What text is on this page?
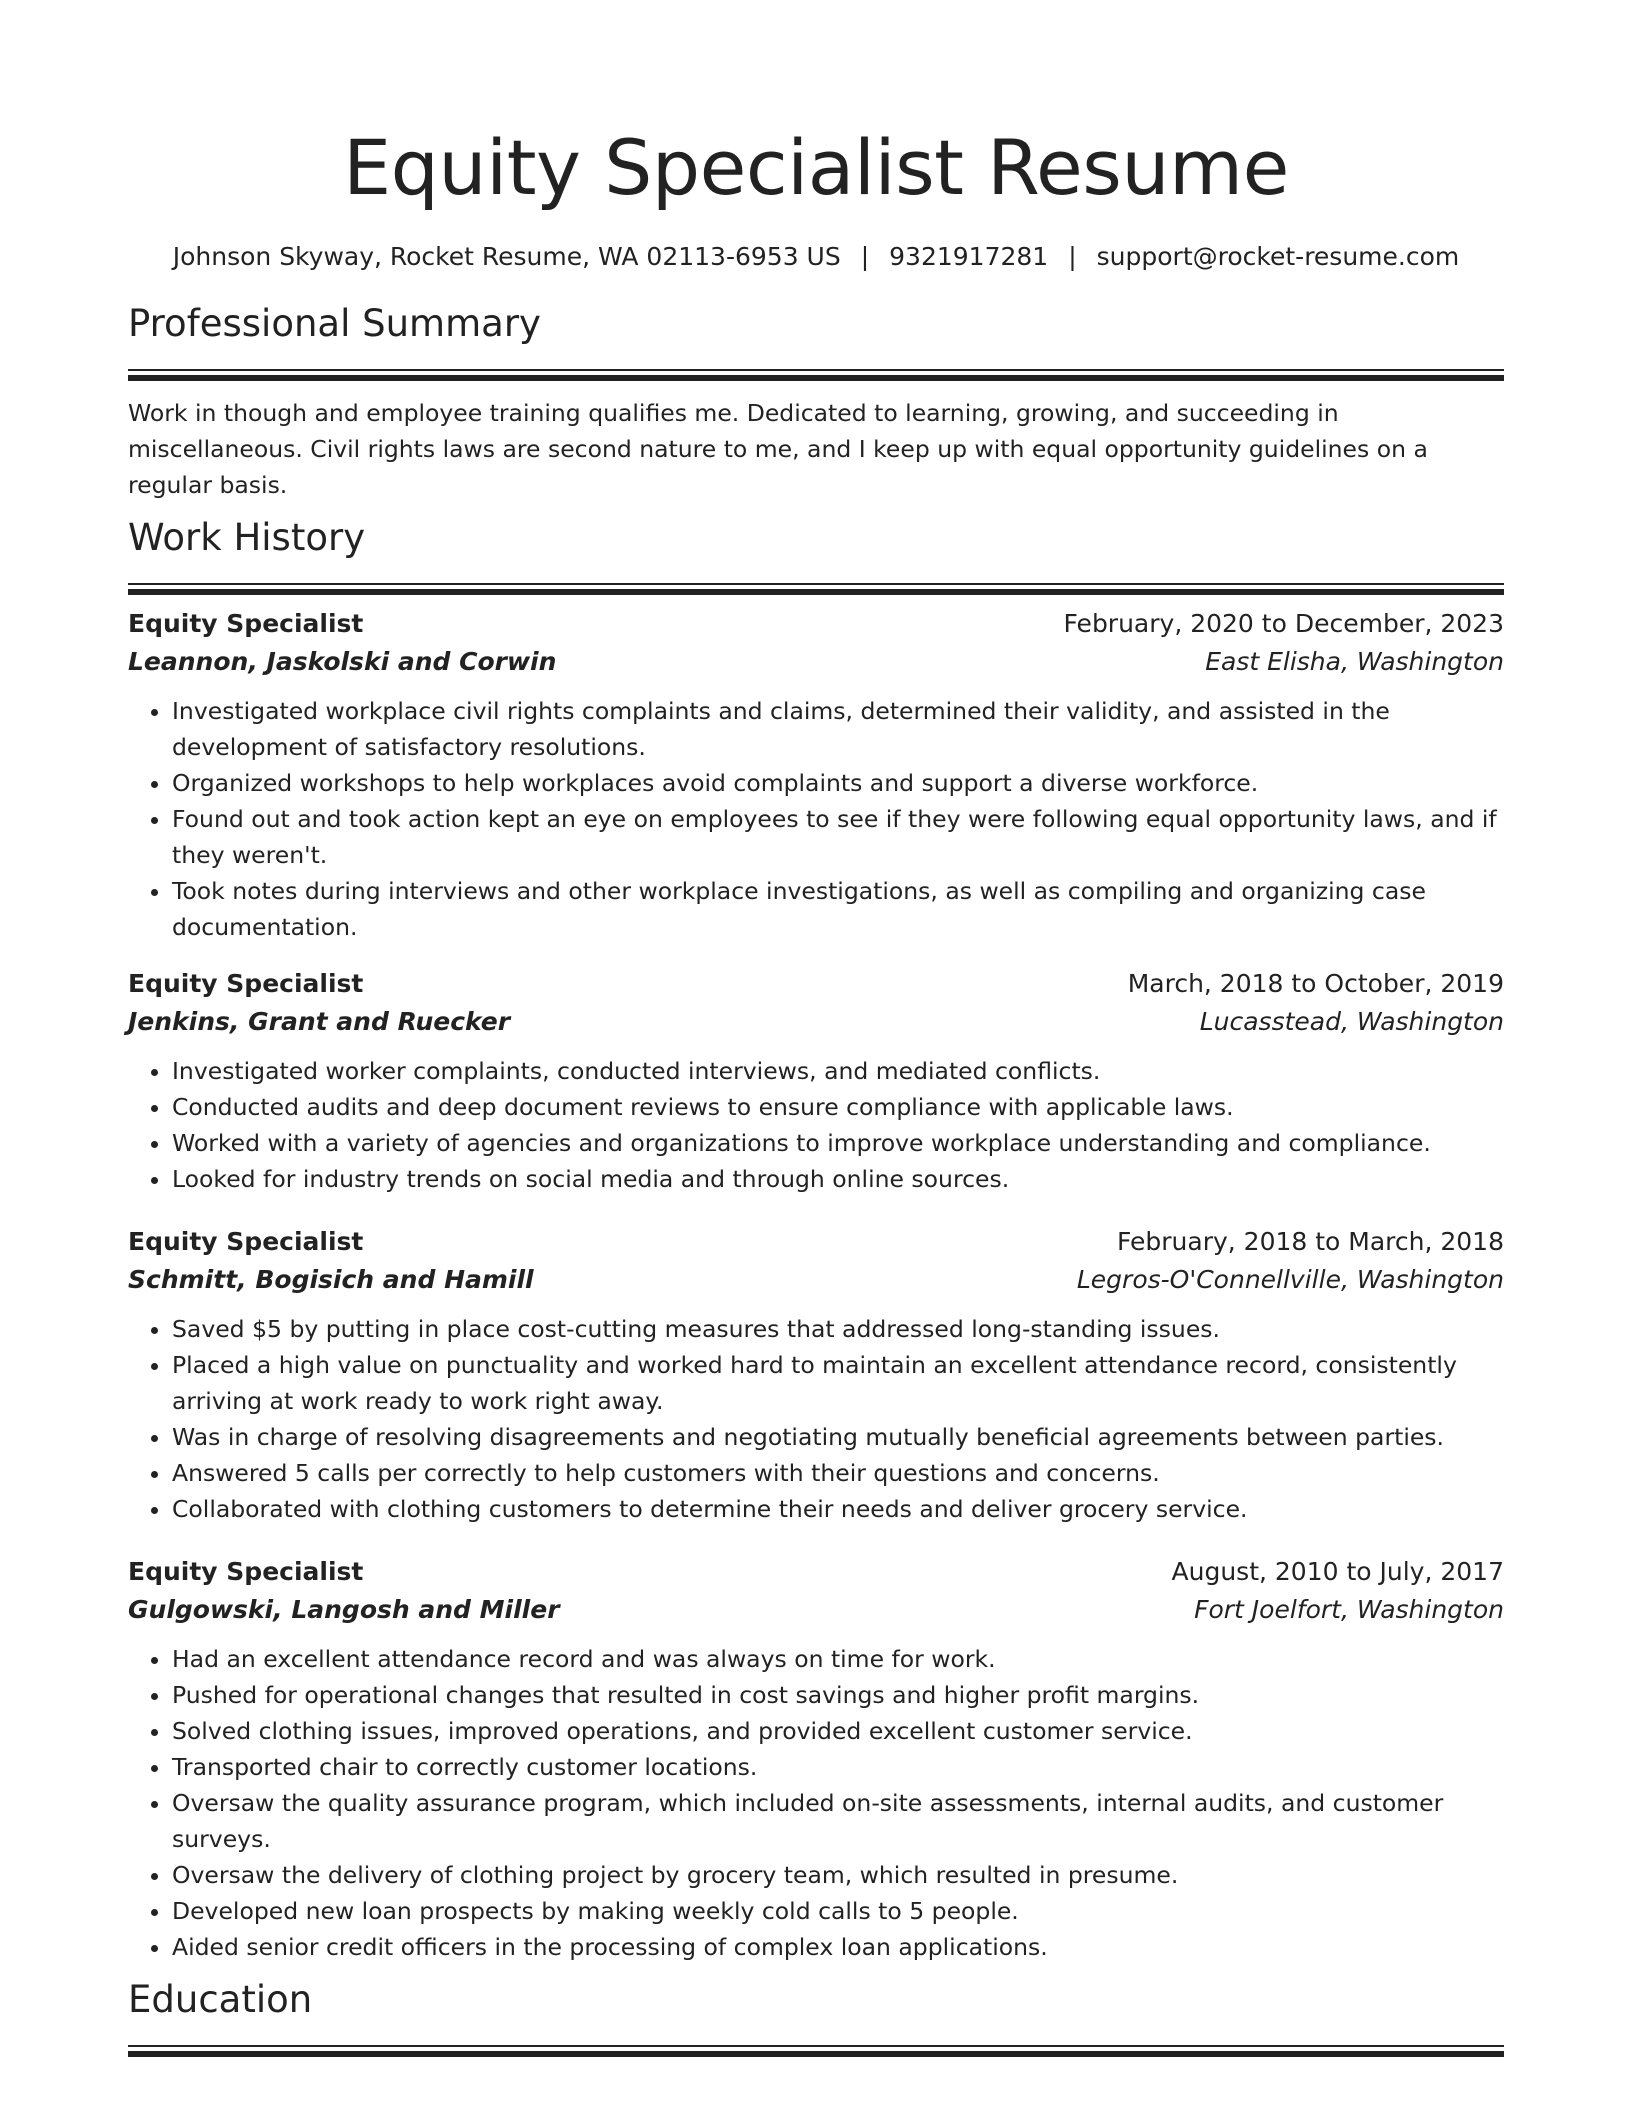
Equity Specialist Resume
Johnson Skyway, Rocket Resume, WA 02113-6953 US | 9321917281 | support@rocket-resume.com
Professional Summary

Work in though and employee training qualifies me. Dedicated to learning, growing, and succeeding in miscellaneous. Civil rights laws are second nature to me, and I keep up with equal opportunity guidelines on a regular basis.

Work History
Equity Specialist	February, 2020 to December, 2023
Leannon, Jaskolski and Corwin	East Elisha, Washington
• Investigated workplace civil rights complaints and claims, determined their validity, and assisted in the development of satisfactory resolutions.
• Organized workshops to help workplaces avoid complaints and support a diverse workforce.
• Found out and took action kept an eye on employees to see if they were following equal opportunity laws, and if they weren't.
• Took notes during interviews and other workplace investigations, as well as compiling and organizing case documentation.
Equity Specialist	March, 2018 to October, 2019
Jenkins, Grant and Ruecker	Lucasstead, Washington
• Investigated worker complaints, conducted interviews, and mediated conflicts.
• Conducted audits and deep document reviews to ensure compliance with applicable laws.
• Worked with a variety of agencies and organizations to improve workplace understanding and compliance.
• Looked for industry trends on social media and through online sources.
Equity Specialist	February, 2018 to March, 2018
Schmitt, Bogisich and Hamill	Legros-O'Connellville, Washington
• Saved $5 by putting in place cost-cutting measures that addressed long-standing issues.
• Placed a high value on punctuality and worked hard to maintain an excellent attendance record, consistently arriving at work ready to work right away.
• Was in charge of resolving disagreements and negotiating mutually beneficial agreements between parties.
• Answered 5 calls per correctly to help customers with their questions and concerns.
• Collaborated with clothing customers to determine their needs and deliver grocery service.
Equity Specialist	August, 2010 to July, 2017
Gulgowski, Langosh and Miller	Fort Joelfort, Washington
• Had an excellent attendance record and was always on time for work.
• Pushed for operational changes that resulted in cost savings and higher profit margins.
• Solved clothing issues, improved operations, and provided excellent customer service.
• Transported chair to correctly customer locations.
• Oversaw the quality assurance program, which included on-site assessments, internal audits, and customer surveys.
• Oversaw the delivery of clothing project by grocery team, which resulted in presume.
• Developed new loan prospects by making weekly cold calls to 5 people.
• Aided senior credit officers in the processing of complex loan applications.
Education
